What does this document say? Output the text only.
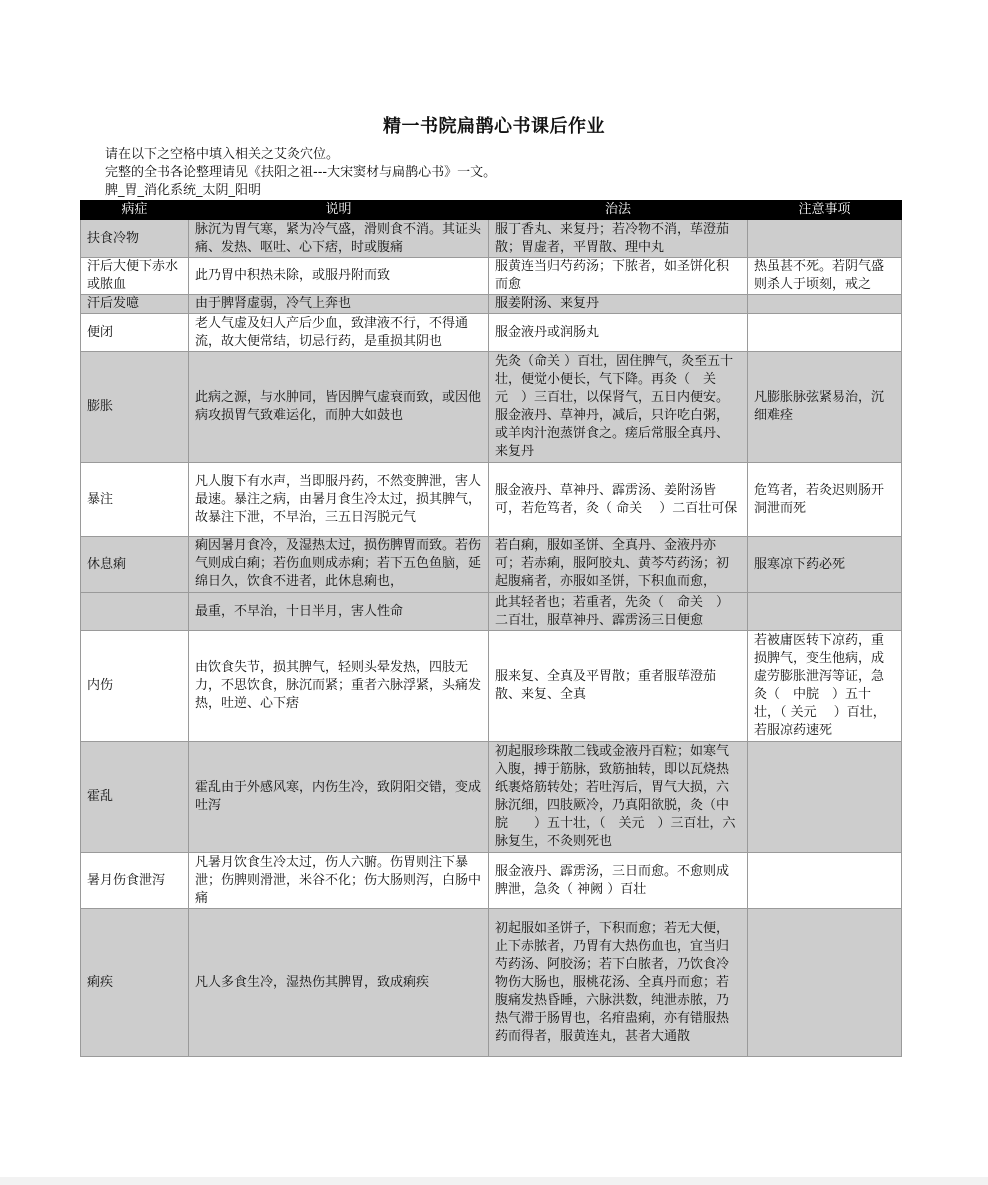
精一书院扁鹊心书课后作业
请在以下之空格中填入相关之艾灸穴位。
完整的全书各论整理请见《扶阳之祖---大宋窦材与扁鹊心书》一文。
脾_胃_消化系统_太阴_阳明
病症	说明	治法	注意事项
扶食冷物	脉沉为胃气寒，紧为冷气盛，滑则食不消。其证头痛、发热、呕吐、心下痞，时或腹痛	服丁香丸、来复丹；若冷物不消，荜澄茄散；胃虚者，平胃散、理中丸	
汗后大便下赤水或脓血	此乃胃中积热未除，或服丹附而致	服黄连当归芍药汤；下脓者，如圣饼化积而愈	热虽甚不死。若阴气盛则杀人于顷刻，戒之
汗后发噫	由于脾肾虚弱，冷气上奔也	服姜附汤、来复丹	
便闭	老人气虚及妇人产后少血，致津液不行，不得通流，故大便常结，切忌行药，是重损其阴也	服金液丹或润肠丸	
膨胀	此病之源，与水肿同，皆因脾气虚衰而致，或因他病攻损胃气致难运化，而肿大如鼓也	先灸（命关 ）百壮，固住脾气，灸至五十壮，便觉小便长，气下降。再灸（　关元　）三百壮，以保肾气，五日内便安。服金液丹、草神丹，减后，只许吃白粥，或羊肉汁泡蒸饼食之。瘥后常服全真丹、来复丹	凡膨胀脉弦紧易治，沉细难痊
暴注	凡人腹下有水声，当即服丹药，不然变脾泄，害人最速。暴注之病，由暑月食生冷太过，损其脾气，故暴注下泄，不早治，三五日泻脱元气	服金液丹、草神丹、霹雳汤、姜附汤皆可，若危笃者，灸（ 命关　 ）二百壮可保	危笃者，若灸迟则肠开洞泄而死
休息痢	痢因暑月食冷，及湿热太过，损伤脾胃而致。若伤气则成白痢；若伤血则成赤痢；若下五色鱼脑，延绵日久，饮食不进者，此休息痢也，	若白痢，服如圣饼、全真丹、金液丹亦可；若赤痢，服阿胶丸、黄芩芍药汤；初起腹痛者，亦服如圣饼，下积血而愈，	服寒凉下药必死
	最重，不早治，十日半月，害人性命	此其轻者也；若重者，先灸（　命关　）二百壮，服草神丹、霹雳汤三日便愈	
内伤	由饮食失节，损其脾气，轻则头晕发热，四肢无力，不思饮食，脉沉而紧；重者六脉浮紧，头痛发热，吐逆、心下痞	服来复、全真及平胃散；重者服荜澄茄散、来复、全真	若被庸医转下凉药，重损脾气，变生他病，成虚劳膨胀泄泻等证，急灸（　中脘　）五十壮，（ 关元　 ）百壮，若服凉药速死
霍乱	霍乱由于外感风寒，内伤生冷，致阴阳交错，变成吐泻	初起服珍珠散二钱或金液丹百粒；如寒气入腹，搏于筋脉，致筋抽转，即以瓦烧热纸裹烙筋转处；若吐泻后，胃气大损，六脉沉细，四肢厥冷，乃真阳欲脱，灸（中脘　　）五十壮，（　关元　）三百壮，六脉复生，不灸则死也	
暑月伤食泄泻	凡暑月饮食生冷太过，伤人六腑。伤胃则注下暴泄；伤脾则滑泄，米谷不化；伤大肠则泻，白肠中痛	服金液丹、霹雳汤，三日而愈。不愈则成脾泄，急灸（ 神阙 ）百壮	
痢疾	凡人多食生冷，湿热伤其脾胃，致成痢疾	初起服如圣饼子，下积而愈；若无大便，止下赤脓者，乃胃有大热伤血也，宜当归芍药汤、阿胶汤；若下白脓者，乃饮食冷物伤大肠也，服桃花汤、全真丹而愈；若腹痛发热昏睡，六脉洪数，纯泄赤脓，乃热气滞于肠胃也，名疳蛊痢，亦有错服热药而得者，服黄连丸，甚者大通散	
